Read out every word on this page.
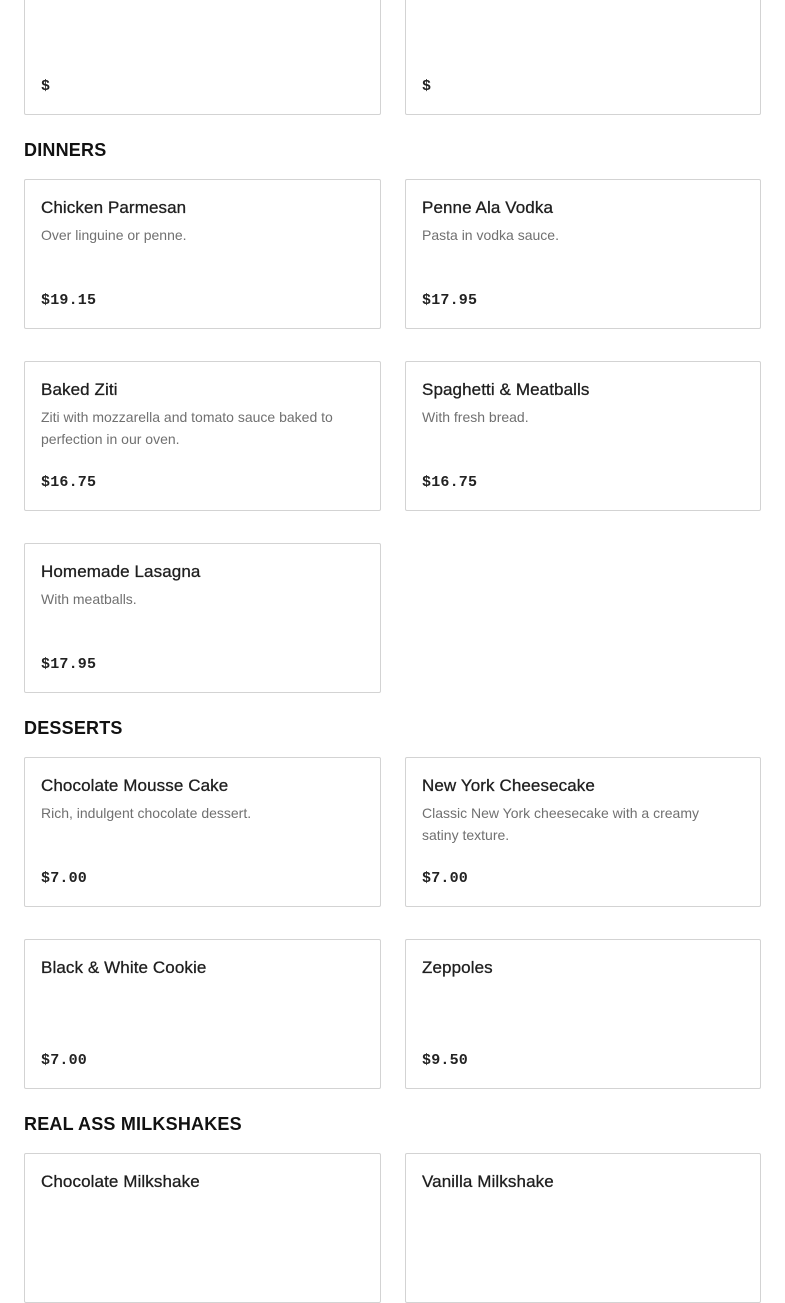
$	$
DINNERS
Chicken Parmesan
Over linguine or penne.
$19.15
Penne Ala Vodka
Pasta in vodka sauce.
$17.95
Baked Ziti
Ziti with mozzarella and tomato sauce baked to perfection in our oven.
$16.75
Spaghetti & Meatballs
With fresh bread.
$16.75
Homemade Lasagna
With meatballs.
$17.95
DESSERTS
Chocolate Mousse Cake
Rich, indulgent chocolate dessert.
$7.00
New York Cheesecake
Classic New York cheesecake with a creamy satiny texture.
$7.00
Black & White Cookie
$7.00
Zeppoles
$9.50
REAL ASS MILKSHAKES
Chocolate Milkshake	Vanilla Milkshake
